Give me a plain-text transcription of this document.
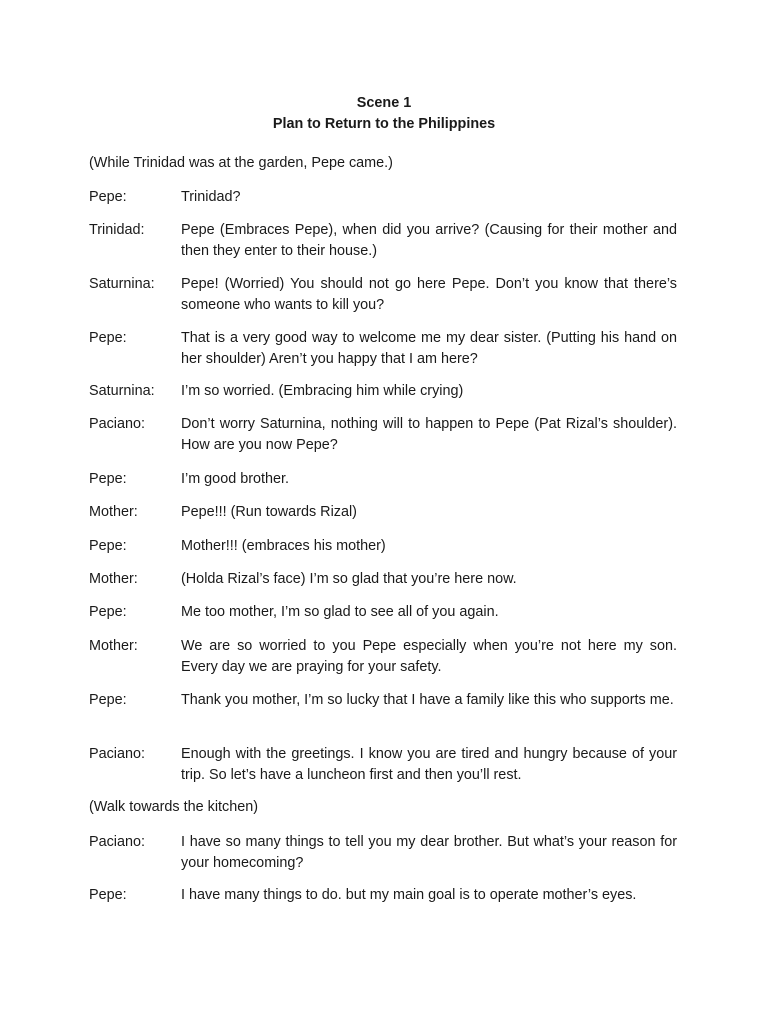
Scene 1
Plan to Return to the Philippines
(While Trinidad was at the garden, Pepe came.)
Pepe:	Trinidad?
Trinidad:	Pepe (Embraces Pepe), when did you arrive? (Causing for their mother and then they enter to their house.)
Saturnina:	Pepe! (Worried) You should not go here Pepe. Don’t you know that there’s someone who wants to kill you?
Pepe:	That is a very good way to welcome me my dear sister. (Putting his hand on her shoulder) Aren’t you happy that I am here?
Saturnina:	I’m so worried. (Embracing him while crying)
Paciano:	Don’t worry Saturnina, nothing will to happen to Pepe (Pat Rizal’s shoulder). How are you now Pepe?
Pepe:	I’m good brother.
Mother:	Pepe!!! (Run towards Rizal)
Pepe:	Mother!!! (embraces his mother)
Mother:	(Holda Rizal’s face) I’m so glad that you’re here now.
Pepe:	Me too mother, I’m so glad to see all of you again.
Mother:	We are so worried to you Pepe especially when you’re not here my son. Every day we are praying for your safety.
Pepe:	Thank you mother, I’m so lucky that I have a family like this who supports me.
Paciano:	Enough with the greetings. I know you are tired and hungry because of your trip. So let’s have a luncheon first and then you’ll rest.
(Walk towards the kitchen)
Paciano:	I have so many things to tell you my dear brother. But what’s your reason for your homecoming?
Pepe:	I have many things to do. but my main goal is to operate mother’s eyes.
